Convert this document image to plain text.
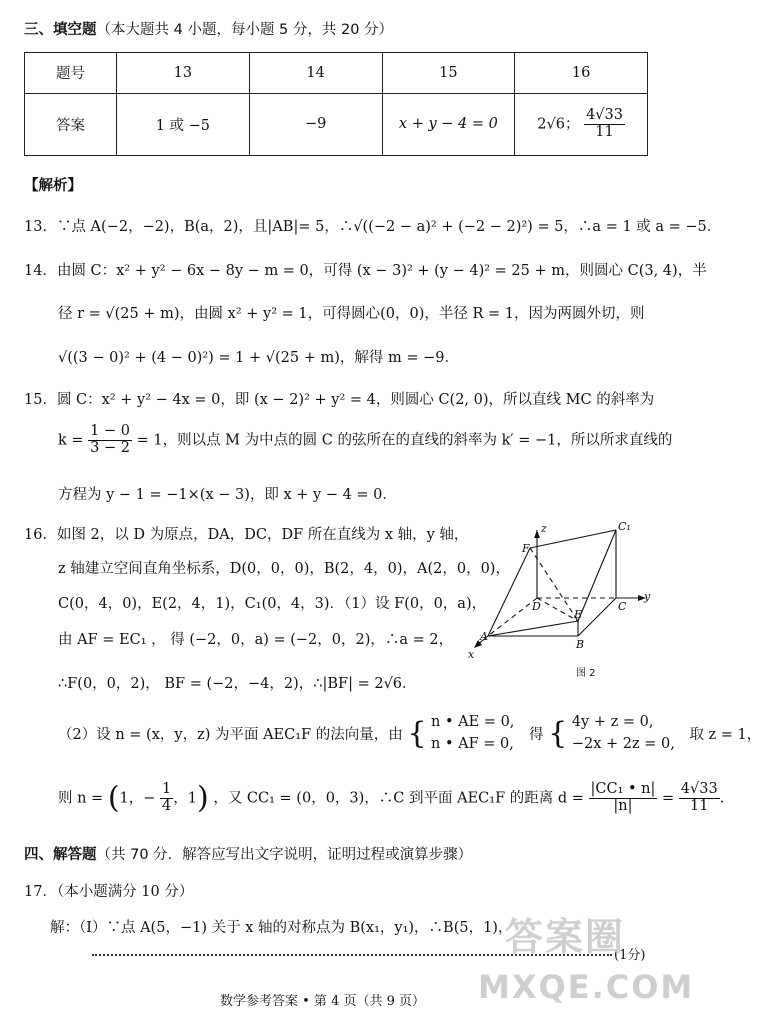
三、填空题（本大题共 4 小题，每小题 5 分，共 20 分）
题号	13	14	15	16
答案	1 或 −5	−9	x + y − 4 = 0	2√6； $\frac{4√33}{11}$
【解析】
13．∵点 A(−2，−2)，B(a，2)，且|AB|= 5，∴√((−2 − a)² + (−2 − 2)²) = 5，∴a = 1 或 a = −5．
14．由圆 C：x² + y² − 6x − 8y − m = 0，可得 (x − 3)² + (y − 4)² = 25 + m，则圆心 C(3, 4)，半
径 r = √(25 + m)，由圆 x² + y² = 1，可得圆心(0，0)，半径 R = 1，因为两圆外切，则
√((3 − 0)² + (4 − 0)²) = 1 + √(25 + m)，解得 m = −9．
15．圆 C：x² + y² − 4x = 0，即 (x − 2)² + y² = 4，则圆心 C(2, 0)，所以直线 MC 的斜率为
$k = \frac{1 - 0}{3 - 2} = 1$，则以点 M 为中点的圆 C 的弦所在的直线的斜率为 k′ = −1，所以所求直线的
方程为 y − 1 = −1×(x − 3)，即 x + y − 4 = 0．
16．如图 2，以 D 为原点，DA，DC，DF 所在直线为 x 轴，y 轴，
z 轴建立空间直角坐标系，D(0，0，0)，B(2，4，0)，A(2，0，0)，
C(0，4，0)，E(2，4，1)，C₁(0，4，3)．（1）设 F(0，0，a)，
由 AF = EC₁ ， 得 (−2，0，a) = (−2，0，2)，∴a = 2，
∴F(0，0，2)， BF = (−2，−4，2)，∴|BF| = 2√6．
（2）设 n = (x，y，z) 为平面 AEC₁F 的法向量，由 { n • AE = 0,
n • AF = 0,
得 { 4y + z = 0,
−2x + 2z = 0,
取 z = 1，
则 n = (1，− $\frac{1}{4}$ ，1) ，又 CC₁ = (0，0，3)，∴C 到平面 AEC₁F 的距离 $d = \frac{\text{|CC₁ • n|}}{|n|} = \frac{4√33}{11}$ .
z	C₁
F
D	C
y
E
A
B
x
图 2
四、解答题（共 70 分．解答应写出文字说明，证明过程或演算步骤）
17．（本小题满分 10 分）
解：（Ⅰ）∵点 A(5，−1) 关于 x 轴的对称点为 B(x₁，y₁)，∴B(5，1)，
(1分)
答案圈
MXQE.COM
数学参考答案 • 第 4 页（共 9 页）
